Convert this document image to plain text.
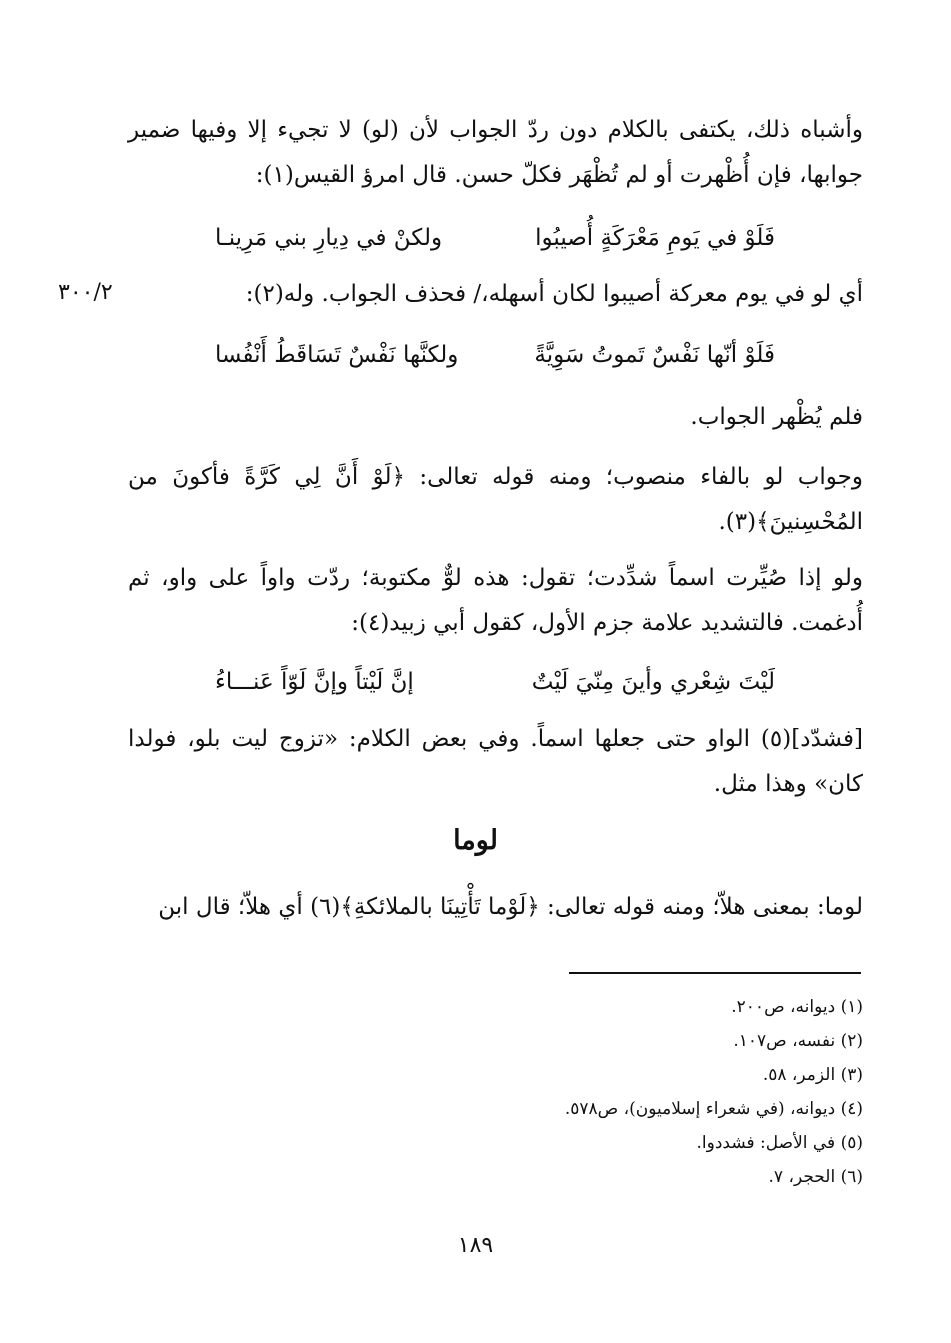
٣٠٠/٢
وأشباه ذلك، يكتفى بالكلام دون ردّ الجواب لأن (لو) لا تجيء إلا وفيها ضمير جوابها، فإن أُظْهرت أو لم تُظْهَر فكلّ حسن. قال امرؤ القيس(١):
فَلَوْ في يَومِ مَعْرَكَةٍ أُصيبُوا
ولكنْ في دِيارِ بني مَرِينـا
أي لو في يوم معركة أصيبوا لكان أسهله،/ فحذف الجواب. وله(٢):
فَلَوْ أنّها نَفْسٌ تَموتُ سَوِيَّةً
ولكنَّها نَفْسٌ تَسَاقَطُ أَنْفُسا
فلم يُظْهر الجواب.
وجواب لو بالفاء منصوب؛ ومنه قوله تعالى: ﴿لَوْ أَنَّ لِي كَرَّةً فأكونَ من المُحْسِنينَ﴾(٣).
ولو إذا صُيِّرت اسماً شدِّدت؛ تقول: هذه لوٌّ مكتوبة؛ ردّت واواً على واو، ثم أُدغمت. فالتشديد علامة جزم الأول، كقول أبي زبيد(٤):
لَيْتَ شِعْري وأينَ مِنّيَ لَيْتٌ
إنَّ لَيْتاً وإنَّ لَوّاً عَنـــاءُ
[فشدّد](٥) الواو حتى جعلها اسماً. وفي بعض الكلام: «تزوج ليت بلو، فولدا كان» وهذا مثل.
لوما
لوما: بمعنى هلاّ؛ ومنه قوله تعالى: ﴿لَوْما تَأْتِينَا بالملائكةِ﴾(٦) أي هلاّ؛ قال ابن
(١) ديوانه، ص٢٠٠.
(٢) نفسه، ص١٠٧.
(٣) الزمر، ٥٨.
(٤) ديوانه، (في شعراء إسلاميون)، ص٥٧٨.
(٥) في الأصل: فشددوا.
(٦) الحجر، ٧.
١٨٩
